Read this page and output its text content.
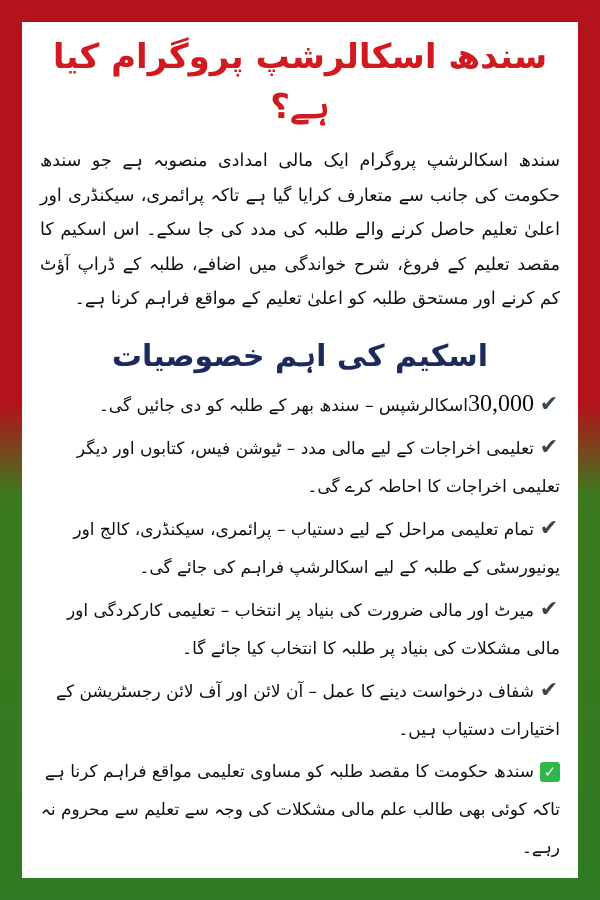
سندھ اسکالرشپ پروگرام کیا ہے؟

سندھ اسکالرشپ پروگرام ایک مالی امدادی منصوبہ ہے جو سندھ حکومت کی جانب سے متعارف کرایا گیا ہے تاکہ پرائمری، سیکنڈری اور اعلیٰ تعلیم حاصل کرنے والے طلبہ کی مدد کی جا سکے۔ اس اسکیم کا مقصد تعلیم کے فروغ، شرح خواندگی میں اضافے، طلبہ کے ڈراپ آؤٹ کم کرنے اور مستحق طلبہ کو اعلیٰ تعلیم کے مواقع فراہم کرنا ہے۔

اسکیم کی اہم خصوصیات
✔30,000اسکالرشپس – سندھ بھر کے طلبہ کو دی جائیں گی۔
✔تعلیمی اخراجات کے لیے مالی مدد – ٹیوشن فیس، کتابوں اور دیگر تعلیمی اخراجات کا احاطہ کرے گی۔
✔تمام تعلیمی مراحل کے لیے دستیاب – پرائمری، سیکنڈری، کالج اور یونیورسٹی کے طلبہ کے لیے اسکالرشپ فراہم کی جائے گی۔
✔میرٹ اور مالی ضرورت کی بنیاد پر انتخاب – تعلیمی کارکردگی اور مالی مشکلات کی بنیاد پر طلبہ کا انتخاب کیا جائے گا۔
✔شفاف درخواست دینے کا عمل – آن لائن اور آف لائن رجسٹریشن کے اختیارات دستیاب ہیں۔
✓سندھ حکومت کا مقصد طلبہ کو مساوی تعلیمی مواقع فراہم کرنا ہے تاکہ کوئی بھی طالب علم مالی مشکلات کی وجہ سے تعلیم سے محروم نہ رہے۔
